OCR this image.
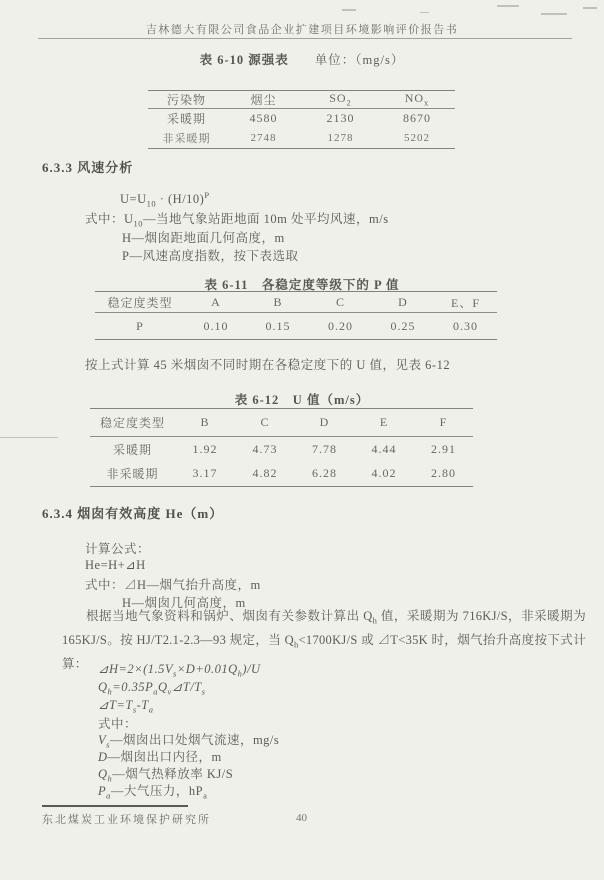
吉林德大有限公司食品企业扩建项目环境影响评价报告书
表 6-10 源强表 单位：（mg/s）
污染物	烟尘	$SO_2$	$NO_x$
采暖期	4580	2130	8670
非采暖期	2748	1278	5202
6.3.3 风速分析
$U=U_{10} \cdot (H/10)^P$
式中：$U_{10}—$当地气象站距地面 10m 处平均风速，m/s
H—烟囱距地面几何高度，m
P—风速高度指数，按下表选取
表 6-11　各稳定度等级下的 P 值
稳定度类型	A	B	C	D	E、F
P	0.10	0.15	0.20	0.25	0.30
按上式计算 45 米烟囱不同时期在各稳定度下的 U 值，见表 6-12
表 6-12　U 值（m/s）
稳定度类型	B	C	D	E	F
采暖期	1.92	4.73	7.78	4.44	2.91
非采暖期	3.17	4.82	6.28	4.02	2.80
6.3.4 烟囱有效高度 He（m）
计算公式：
He=H+⊿H
式中：⊿H—烟气抬升高度，m
H—烟囱几何高度，m
根据当地气象资料和锅炉、烟囱有关参数计算出 $Q_h$ 值，采暖期为 716KJ/S，非采暖期为 165KJ/S。按 HJ/T2.1-2.3—93 规定，当 $Q_h<1700KJ/S$ 或 ⊿T<35K 时，烟气抬升高度按下式计算： $⊿H=2\times(1.5V_s\times D+0.01Q_h)/U$
$Q_h=0.35P_aQ_v⊿T/T_s$
$⊿T=T_s-T_a$
式中：
$V_s—$烟囱出口处烟气流速，mg/s
D—烟囱出口内径，m
$Q_h—$烟气热释放率 KJ/S
$P_a—$大气压力，$hP_a$
东北煤炭工业环境保护研究所	40
